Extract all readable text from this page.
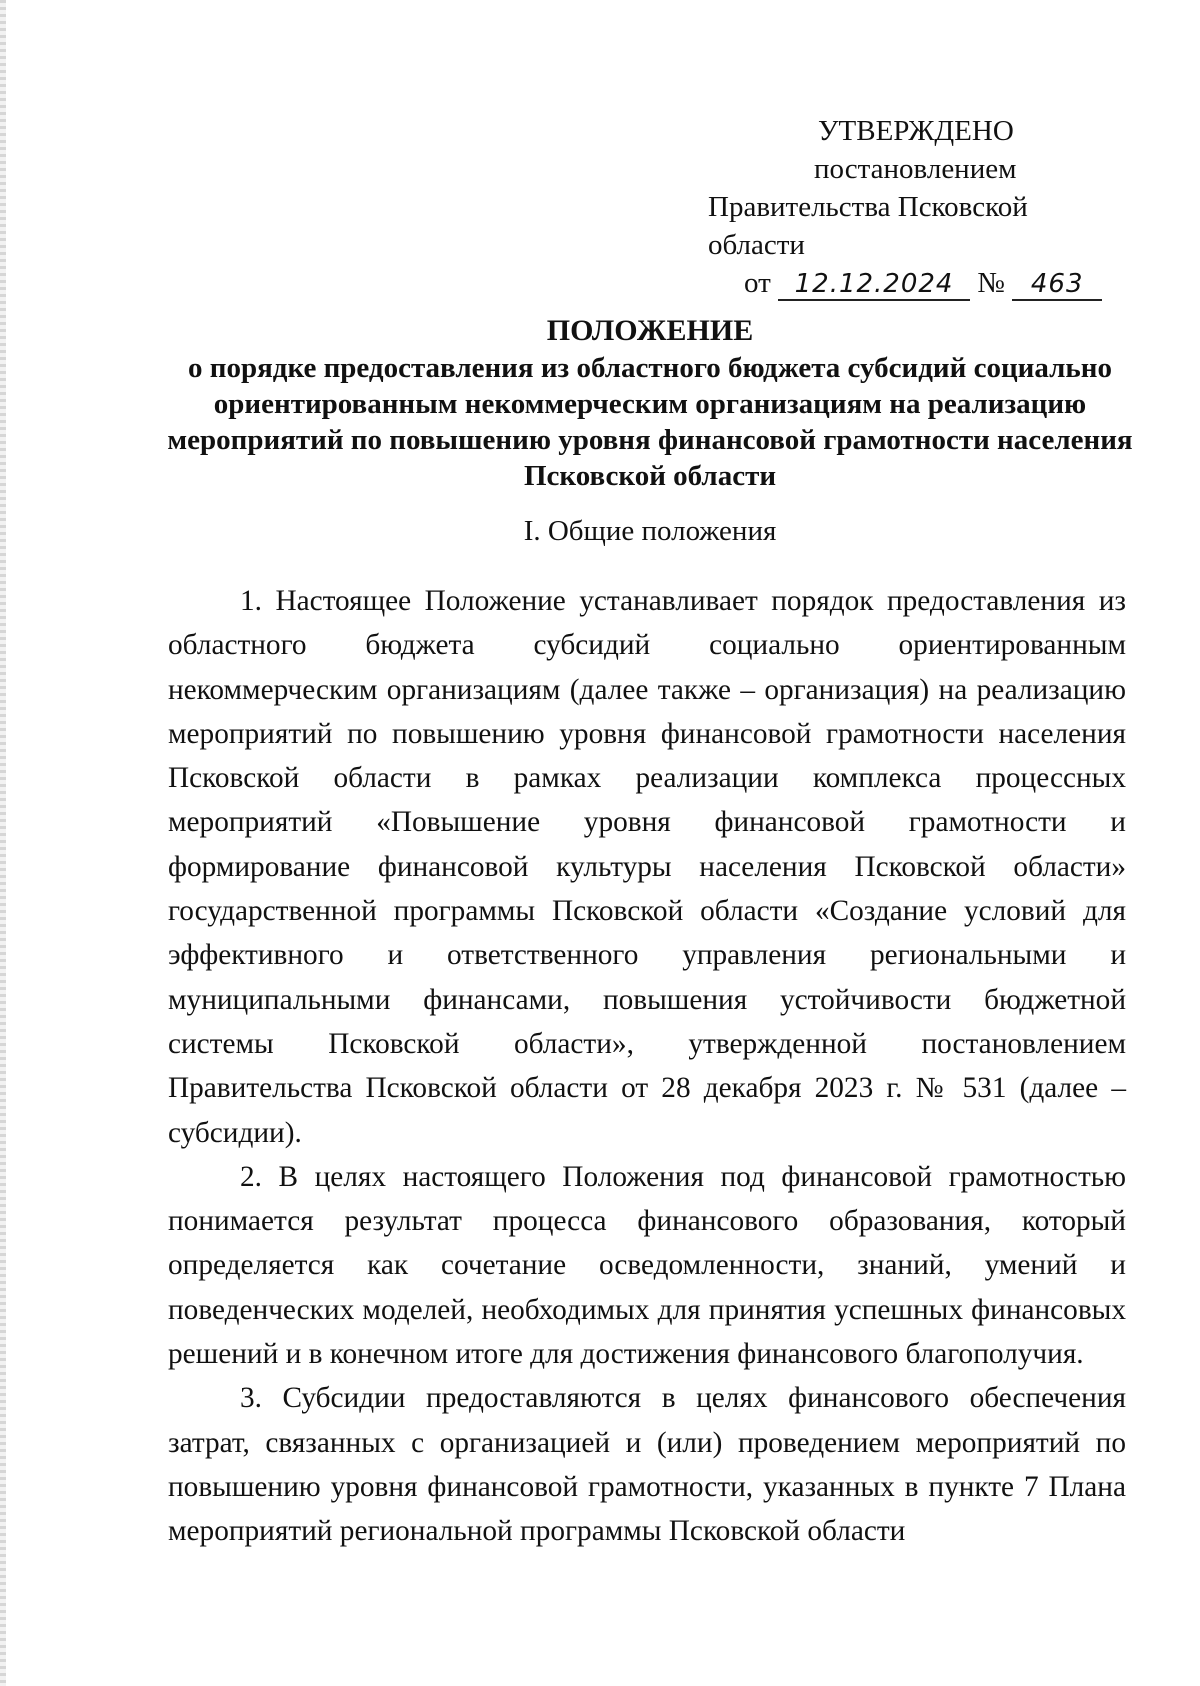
УТВЕРЖДЕНО
постановлением
Правительства Псковской области
от 12.12.2024 № 463
ПОЛОЖЕНИЕ
о порядке предоставления из областного бюджета субсидий социально
ориентированным некоммерческим организациям на реализацию
мероприятий по повышению уровня финансовой грамотности населения
Псковской области
I. Общие положения

1. Настоящее Положение устанавливает порядок предоставления из областного бюджета субсидий социально ориентированным некоммерческим организациям (далее также – организация) на реализацию мероприятий по повышению уровня финансовой грамотности населения Псковской области в рамках реализации комплекса процессных мероприятий «Повышение уровня финансовой грамотности и формирование финансовой культуры населения Псковской области» государственной программы Псковской области «Создание условий для эффективного и ответственного управления региональными и муниципальными финансами, повышения устойчивости бюджетной системы Псковской области», утвержденной постановлением Правительства Псковской области от 28 декабря 2023 г. № 531 (далее – субсидии).

2. В целях настоящего Положения под финансовой грамотностью понимается результат процесса финансового образования, который определяется как сочетание осведомленности, знаний, умений и поведенческих моделей, необходимых для принятия успешных финансовых решений и в конечном итоге для достижения финансового благополучия.

3. Субсидии предоставляются в целях финансового обеспечения затрат, связанных с организацией и (или) проведением мероприятий по повышению уровня финансовой грамотности, указанных в пункте 7 Плана мероприятий региональной программы Псковской области
